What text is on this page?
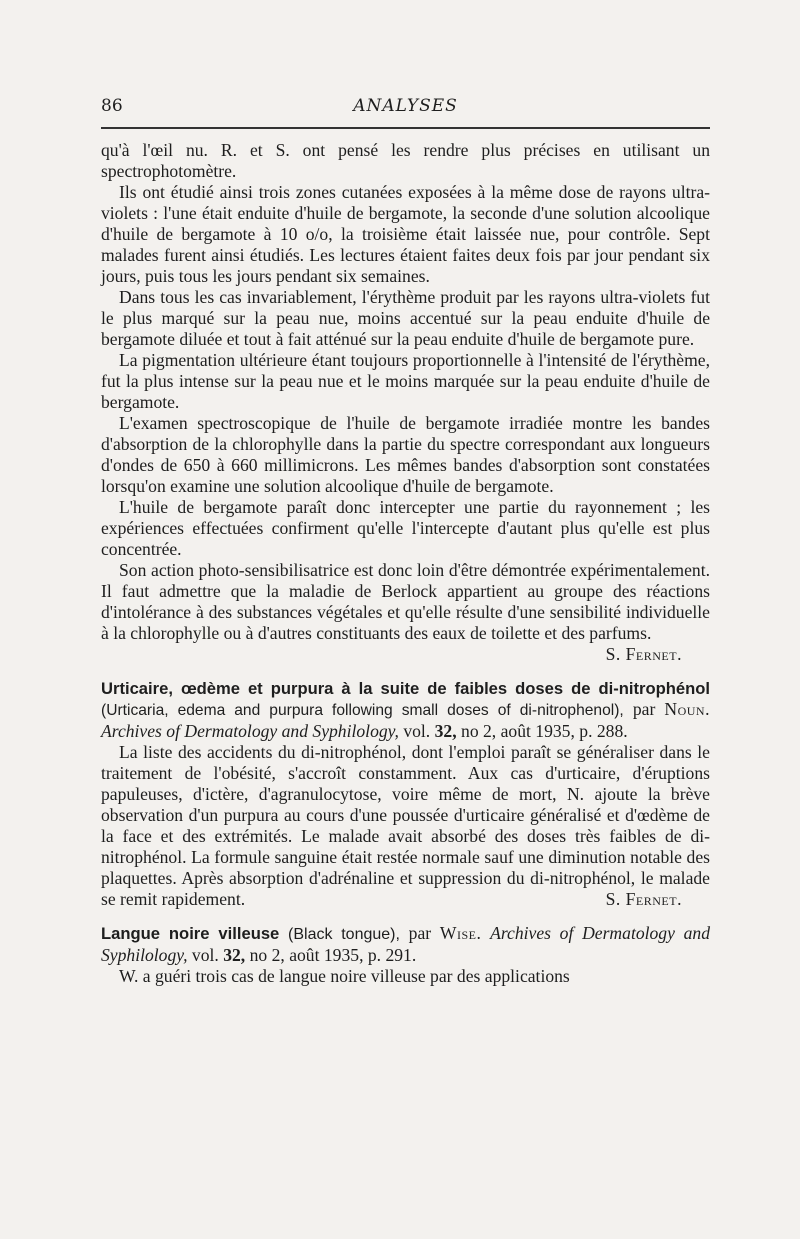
86	ANALYSES

qu'à l'œil nu. R. et S. ont pensé les rendre plus précises en utilisant un spectrophotomètre.

Ils ont étudié ainsi trois zones cutanées exposées à la même dose de rayons ultra-violets : l'une était enduite d'huile de bergamote, la seconde d'une solution alcoolique d'huile de bergamote à 10 o/o, la troisième était laissée nue, pour contrôle. Sept malades furent ainsi étudiés. Les lectures étaient faites deux fois par jour pendant six jours, puis tous les jours pendant six semaines.

Dans tous les cas invariablement, l'érythème produit par les rayons ultra-violets fut le plus marqué sur la peau nue, moins accentué sur la peau enduite d'huile de bergamote diluée et tout à fait atténué sur la peau enduite d'huile de bergamote pure.

La pigmentation ultérieure étant toujours proportionnelle à l'intensité de l'érythème, fut la plus intense sur la peau nue et le moins marquée sur la peau enduite d'huile de bergamote.

L'examen spectroscopique de l'huile de bergamote irradiée montre les bandes d'absorption de la chlorophylle dans la partie du spectre correspondant aux longueurs d'ondes de 650 à 660 millimicrons. Les mêmes bandes d'absorption sont constatées lorsqu'on examine une solution alcoolique d'huile de bergamote.

L'huile de bergamote paraît donc intercepter une partie du rayonnement ; les expériences effectuées confirment qu'elle l'intercepte d'autant plus qu'elle est plus concentrée.

Son action photo-sensibilisatrice est donc loin d'être démontrée expérimentalement. Il faut admettre que la maladie de Berlock appartient au groupe des réactions d'intolérance à des substances végétales et qu'elle résulte d'une sensibilité individuelle à la chlorophylle ou à d'autres constituants des eaux de toilette et des parfums.

S. Fernet.

Urticaire, œdème et purpura à la suite de faibles doses de di-nitrophénol (Urticaria, edema and purpura following small doses of di-nitrophenol), par Noun. Archives of Dermatology and Syphilology, vol. 32, no 2, août 1935, p. 288.

La liste des accidents du di-nitrophénol, dont l'emploi paraît se généraliser dans le traitement de l'obésité, s'accroît constamment. Aux cas d'urticaire, d'éruptions papuleuses, d'ictère, d'agranulocytose, voire même de mort, N. ajoute la brève observation d'un purpura au cours d'une poussée d'urticaire généralisé et d'œdème de la face et des extrémités. Le malade avait absorbé des doses très faibles de di-nitrophénol. La formule sanguine était restée normale sauf une diminution notable des plaquettes. Après absorption d'adrénaline et suppression du di-nitrophénol, le malade se remit rapidement.	S. Fernet.

Langue noire villeuse (Black tongue), par Wise. Archives of Dermatology and Syphilology, vol. 32, no 2, août 1935, p. 291.

W. a guéri trois cas de langue noire villeuse par des applications
